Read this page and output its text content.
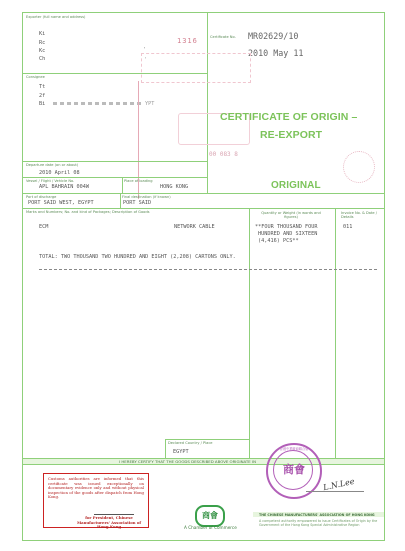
Exporter (full name and address)
Ki
Rc
Kc
Ch
,
'
Consignee
Tt
2f
Bi	YPT
Certificate No.	MR02629/10
2010 May 11
1316
00 083 8
CERTIFICATE OF ORIGIN –
RE-EXPORT
ORIGINAL
Departure date (on or about)
2010 April 08
Vessel / Flight / Vehicle No.
APL BAHRAIN 004W
Place of loading
HONG KONG
Port of discharge
PORT SAID WEST, EGYPT
Final destination (if known)
PORT SAID
Marks and Numbers; No. and kind of Packages; Description of Goods	Quantity or Weight (in words and figures)
Invoice No. & Date / Details
ECM	NETWORK CABLE	**FOUR THOUSAND FOUR
HUNDRED AND SIXTEEN
(4,416) PCS**
011
TOTAL: TWO THOUSAND TWO HUNDRED AND EIGHT (2,208) CARTONS ONLY.
Declared Country / Place
EGYPT
I HEREBY CERTIFY THAT THE GOODS DESCRIBED ABOVE ORIGINATE IN
Customs authorities are informed that this certificate was issued exceptionally on documentary evidence only and without physical inspection of the goods after dispatch from Hong Kong.
for President, Chinese Manufacturers' Association of Hong Kong
商會
A Chamber of Commerce
商會
香港中華廠商聯合會
L.N.Lee
THE CHINESE MANUFACTURERS' ASSOCIATION OF HONG KONG
A competent authority empowered to issue Certificates of Origin by the Government of the Hong Kong Special Administrative Region
